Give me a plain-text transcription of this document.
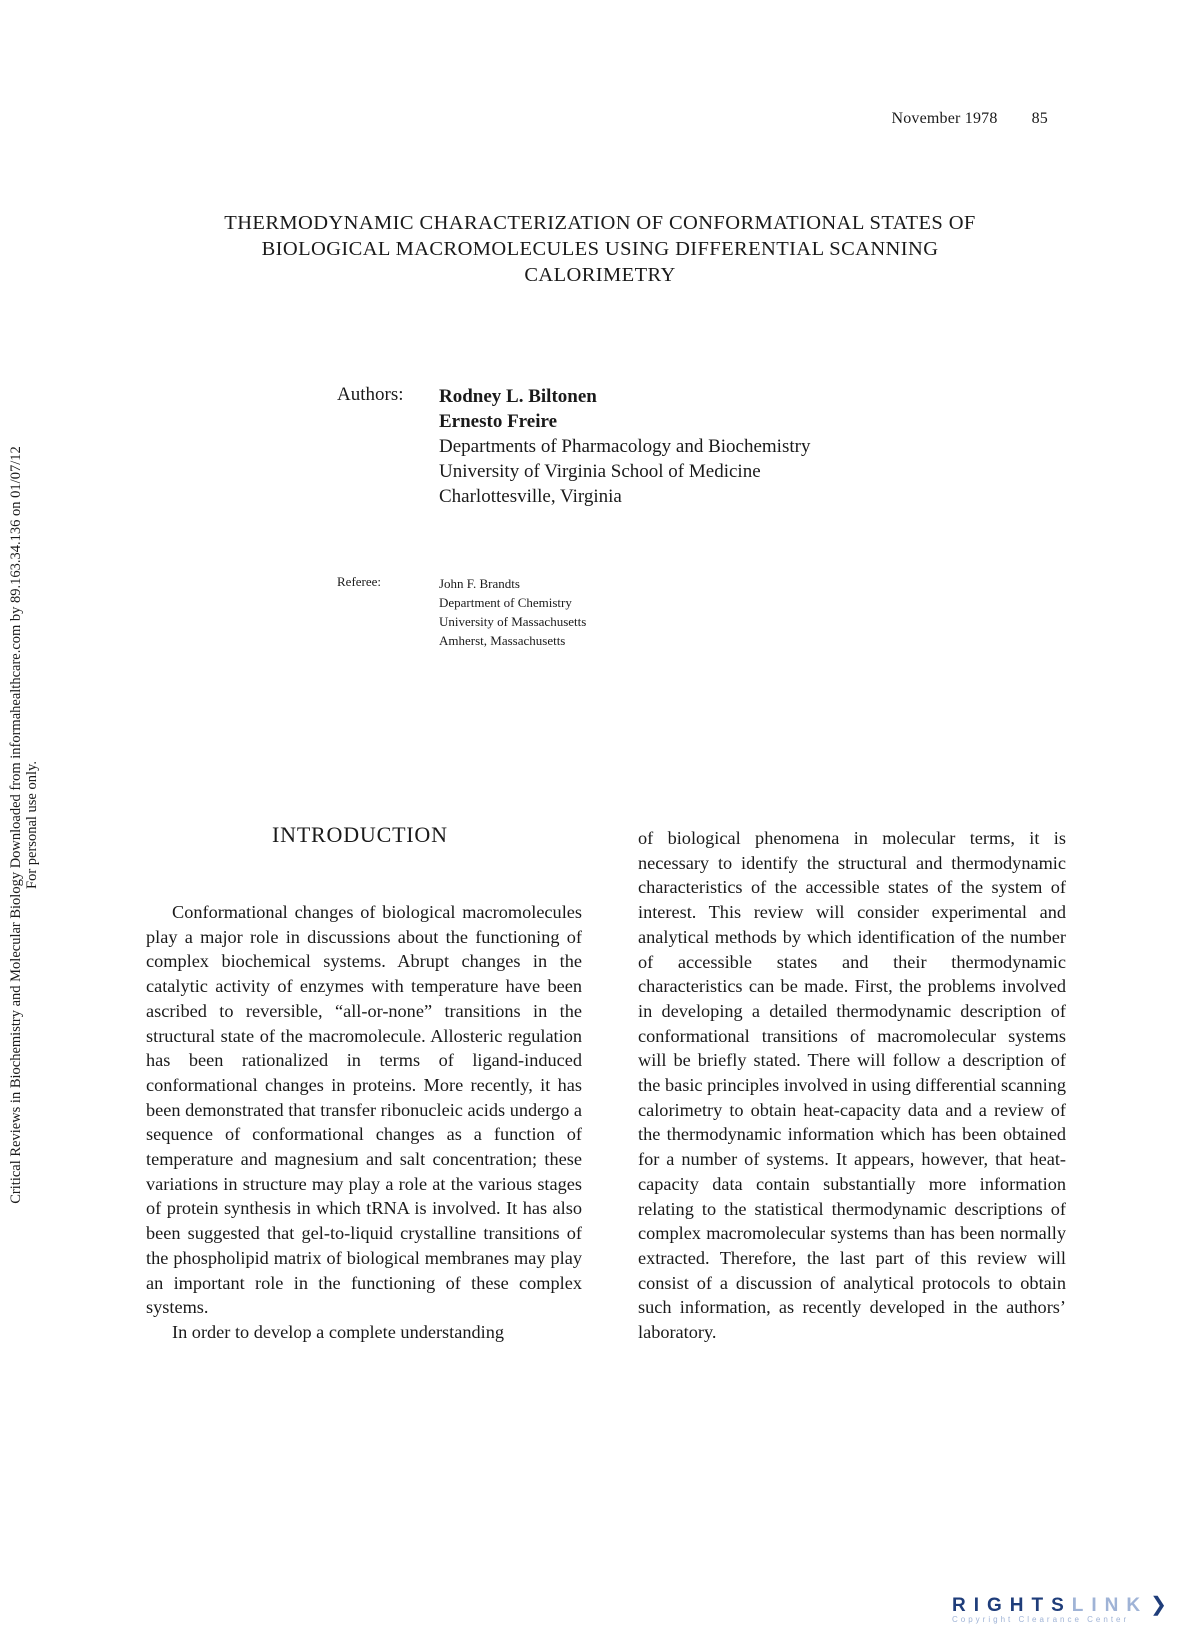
November 1978 85
THERMODYNAMIC CHARACTERIZATION OF CONFORMATIONAL STATES OF
BIOLOGICAL MACROMOLECULES USING DIFFERENTIAL SCANNING
CALORIMETRY
Authors: Rodney L. Biltonen
Ernesto Freire
Departments of Pharmacology and Biochemistry
University of Virginia School of Medicine
Charlottesville, Virginia
Referee:	John F. Brandts
Department of Chemistry
University of Massachusetts
Amherst, Massachusetts
Critical Reviews in Biochemistry and Molecular Biology Downloaded from informahealthcare.com by 89.163.34.136 on 01/07/12 For personal use only.	INTRODUCTION

Conformational changes of biological macromolecules play a major role in discussions about the functioning of complex biochemical systems. Abrupt changes in the catalytic activity of enzymes with temperature have been ascribed to reversible, “all-or-none” transitions in the structural state of the macromolecule. Allosteric regulation has been rationalized in terms of ligand-induced conformational changes in proteins. More recently, it has been demonstrated that transfer ribonucleic acids undergo a sequence of conformational changes as a function of temperature and magnesium and salt concentration; these variations in structure may play a role at the various stages of protein synthesis in which tRNA is involved. It has also been suggested that gel-to-liquid crystalline transitions of the phospholipid matrix of biological membranes may play an important role in the functioning of these complex systems.

In order to develop a complete understanding

of biological phenomena in molecular terms, it is necessary to identify the structural and thermodynamic characteristics of the accessible states of the system of interest. This review will consider experimental and analytical methods by which identification of the number of accessible states and their thermodynamic characteristics can be made. First, the problems involved in developing a detailed thermodynamic description of conformational transitions of macromolecular systems will be briefly stated. There will follow a description of the basic principles involved in using differential scanning calorimetry to obtain heat-capacity data and a review of the thermodynamic information which has been obtained for a number of systems. It appears, however, that heat-capacity data contain substantially more information relating to the statistical thermodynamic descriptions of complex macromolecular systems than has been normally extracted. Therefore, the last part of this review will consist of a discussion of analytical protocols to obtain such information, as recently developed in the authors’ laboratory.

RIGHTSLINK ❯
Copyright Clearance Center
